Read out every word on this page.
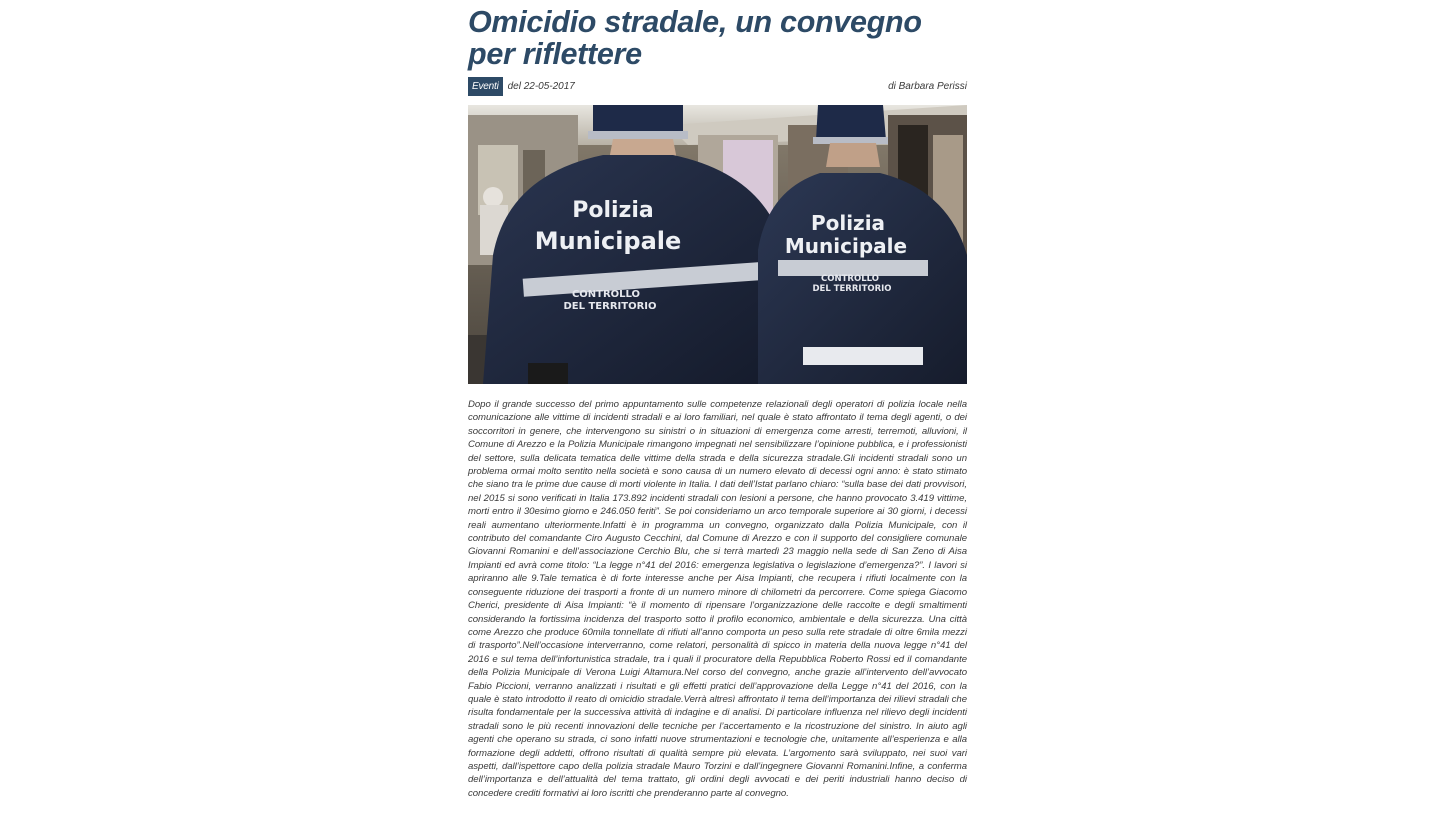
Omicidio stradale, un convegno per riflettere
Eventi del 22-05-2017	di Barbara Perissi
Polizia
Municipale
CONTROLLO
DEL TERRITORIO
Polizia
Municipale
CONTROLLO
DEL TERRITORIO
Dopo il grande successo del primo appuntamento sulle competenze relazionali degli operatori di polizia locale nella comunicazione alle vittime di incidenti stradali e ai loro familiari, nel quale è stato affrontato il tema degli agenti, o dei soccorritori in genere, che intervengono su sinistri o in situazioni di emergenza come arresti, terremoti, alluvioni, il Comune di Arezzo e la Polizia Municipale rimangono impegnati nel sensibilizzare l’opinione pubblica, e i professionisti del settore, sulla delicata tematica delle vittime della strada e della sicurezza stradale.Gli incidenti stradali sono un problema ormai molto sentito nella società e sono causa di un numero elevato di decessi ogni anno: è stato stimato che siano tra le prime due cause di morti violente in Italia. I dati dell’Istat parlano chiaro: “sulla base dei dati provvisori, nel 2015 si sono verificati in Italia 173.892 incidenti stradali con lesioni a persone, che hanno provocato 3.419 vittime, morti entro il 30esimo giorno e 246.050 feriti”. Se poi consideriamo un arco temporale superiore ai 30 giorni, i decessi reali aumentano ulteriormente.Infatti è in programma un convegno, organizzato dalla Polizia Municipale, con il contributo del comandante Ciro Augusto Cecchini, dal Comune di Arezzo e con il supporto del consigliere comunale Giovanni Romanini e dell’associazione Cerchio Blu, che si terrà martedì 23 maggio nella sede di San Zeno di Aisa Impianti ed avrà come titolo: “La legge n°41 del 2016: emergenza legislativa o legislazione d’emergenza?”. I lavori si apriranno alle 9.Tale tematica è di forte interesse anche per Aisa Impianti, che recupera i rifiuti localmente con la conseguente riduzione dei trasporti a fronte di un numero minore di chilometri da percorrere. Come spiega Giacomo Cherici, presidente di Aisa Impianti: “è il momento di ripensare l’organizzazione delle raccolte e degli smaltimenti considerando la fortissima incidenza del trasporto sotto il profilo economico, ambientale e della sicurezza. Una città come Arezzo che produce 60mila tonnellate di rifiuti all’anno comporta un peso sulla rete stradale di oltre 6mila mezzi di trasporto”.Nell’occasione interverranno, come relatori, personalità di spicco in materia della nuova legge n°41 del 2016 e sul tema dell’infortunistica stradale, tra i quali il procuratore della Repubblica Roberto Rossi ed il comandante della Polizia Municipale di Verona Luigi Altamura.Nel corso del convegno, anche grazie all’intervento dell’avvocato Fabio Piccioni, verranno analizzati i risultati e gli effetti pratici dell’approvazione della Legge n°41 del 2016, con la quale è stato introdotto il reato di omicidio stradale.Verrà altresì affrontato il tema dell’importanza dei rilievi stradali che risulta fondamentale per la successiva attività di indagine e di analisi. Di particolare influenza nel rilievo degli incidenti stradali sono le più recenti innovazioni delle tecniche per l’accertamento e la ricostruzione del sinistro. In aiuto agli agenti che operano su strada, ci sono infatti nuove strumentazioni e tecnologie che, unitamente all’esperienza e alla formazione degli addetti, offrono risultati di qualità sempre più elevata. L’argomento sarà sviluppato, nei suoi vari aspetti, dall’ispettore capo della polizia stradale Mauro Torzini e dall’ingegnere Giovanni Romanini.Infine, a conferma dell’importanza e dell’attualità del tema trattato, gli ordini degli avvocati e dei periti industriali hanno deciso di concedere crediti formativi ai loro iscritti che prenderanno parte al convegno.
